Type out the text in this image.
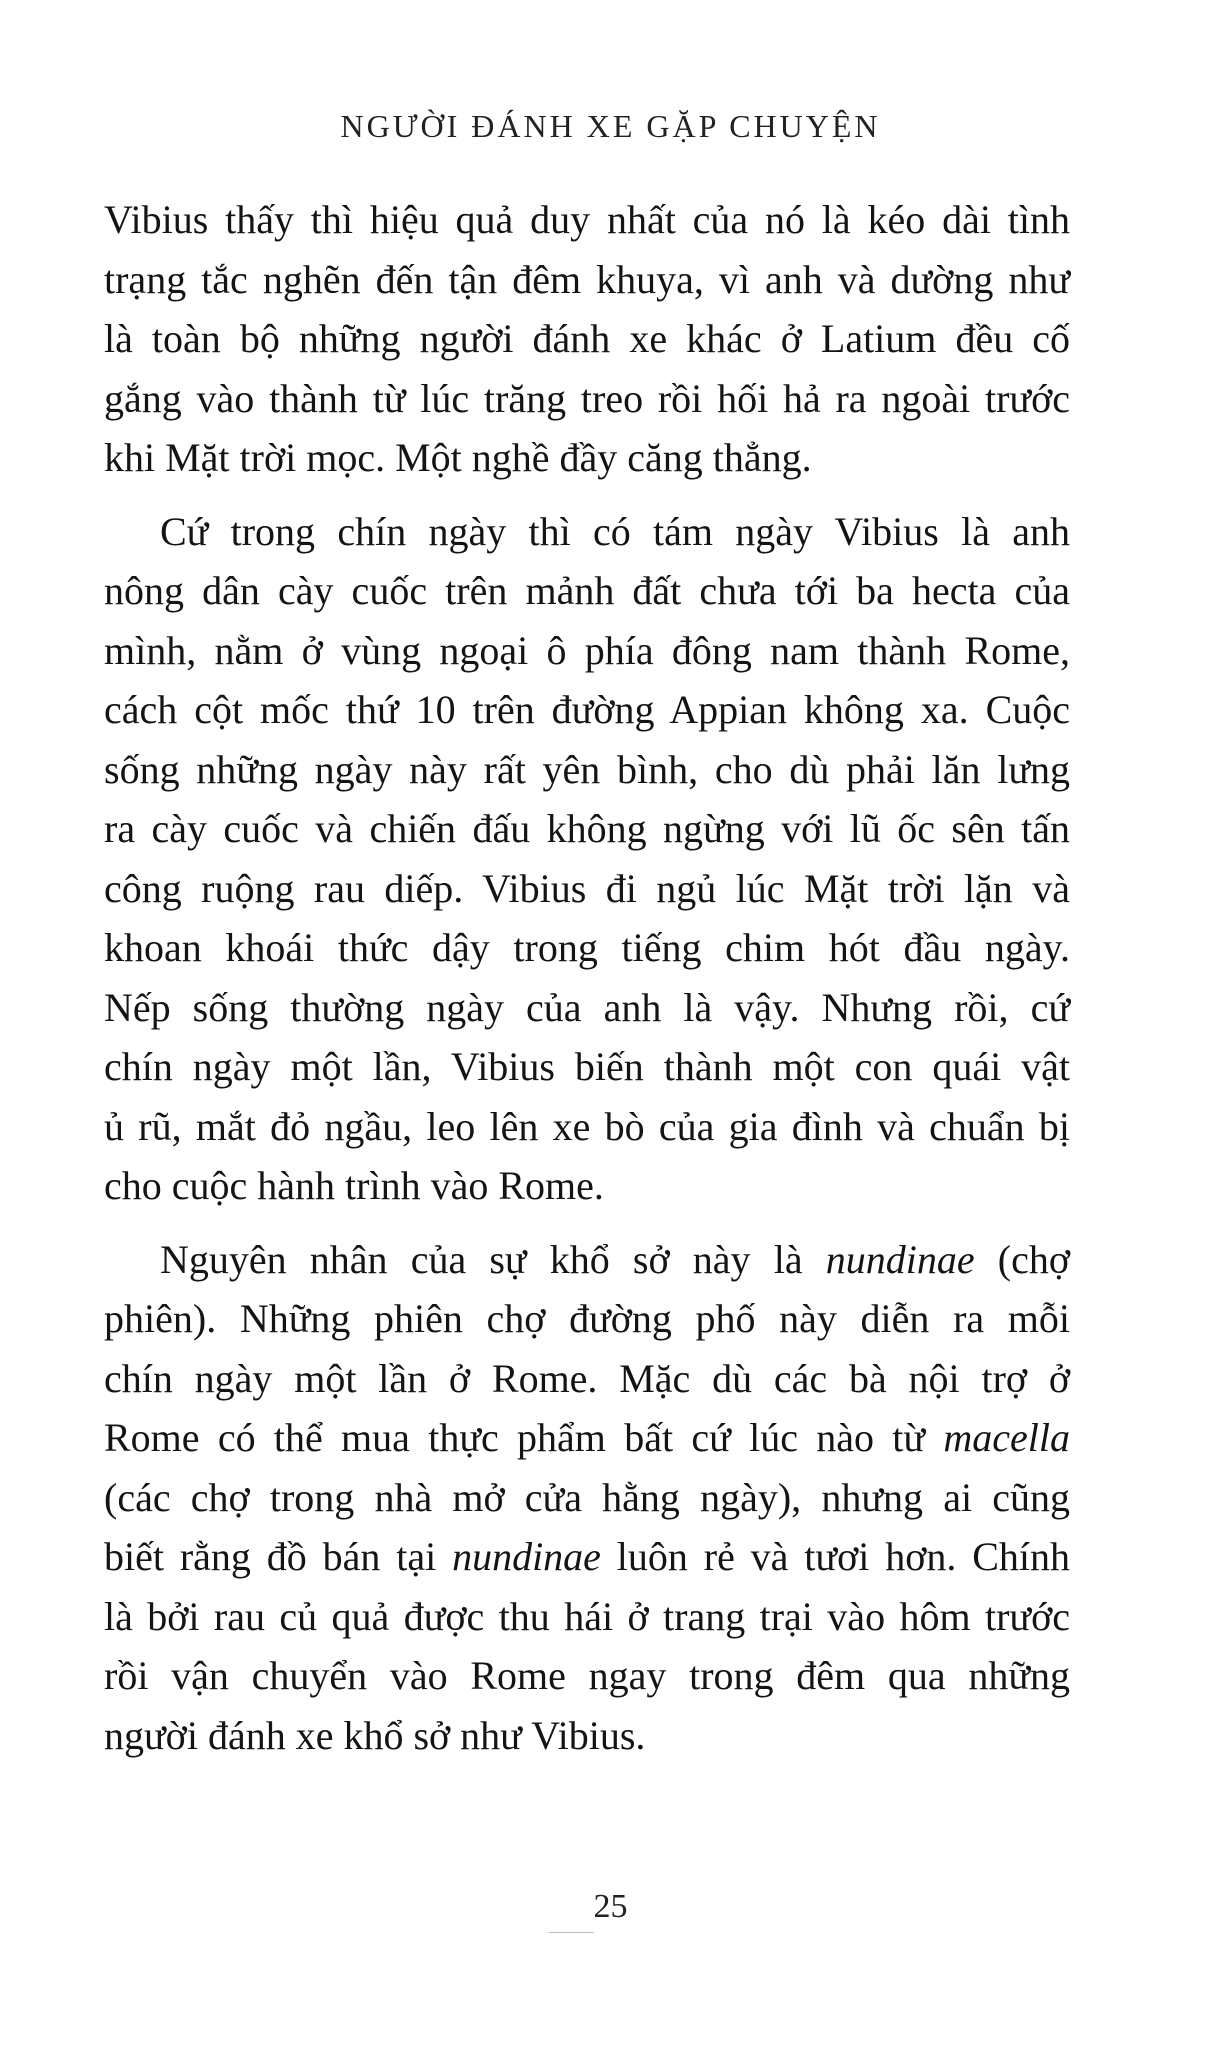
NGƯỜI ĐÁNH XE GẶP CHUYỆN
Vibius thấy thì hiệu quả duy nhất của nó là kéo dài tình
trạng tắc nghẽn đến tận đêm khuya, vì anh và dường như
là toàn bộ những người đánh xe khác ở Latium đều cố
gắng vào thành từ lúc trăng treo rồi hối hả ra ngoài trước
khi Mặt trời mọc. Một nghề đầy căng thẳng.
Cứ trong chín ngày thì có tám ngày Vibius là anh
nông dân cày cuốc trên mảnh đất chưa tới ba hecta của
mình, nằm ở vùng ngoại ô phía đông nam thành Rome,
cách cột mốc thứ 10 trên đường Appian không xa. Cuộc
sống những ngày này rất yên bình, cho dù phải lăn lưng
ra cày cuốc và chiến đấu không ngừng với lũ ốc sên tấn
công ruộng rau diếp. Vibius đi ngủ lúc Mặt trời lặn và
khoan khoái thức dậy trong tiếng chim hót đầu ngày.
Nếp sống thường ngày của anh là vậy. Nhưng rồi, cứ
chín ngày một lần, Vibius biến thành một con quái vật
ủ rũ, mắt đỏ ngầu, leo lên xe bò của gia đình và chuẩn bị
cho cuộc hành trình vào Rome.
Nguyên nhân của sự khổ sở này là nundinae (chợ
phiên). Những phiên chợ đường phố này diễn ra mỗi
chín ngày một lần ở Rome. Mặc dù các bà nội trợ ở
Rome có thể mua thực phẩm bất cứ lúc nào từ macella
(các chợ trong nhà mở cửa hằng ngày), nhưng ai cũng
biết rằng đồ bán tại nundinae luôn rẻ và tươi hơn. Chính
là bởi rau củ quả được thu hái ở trang trại vào hôm trước
rồi vận chuyển vào Rome ngay trong đêm qua những
người đánh xe khổ sở như Vibius.
25
